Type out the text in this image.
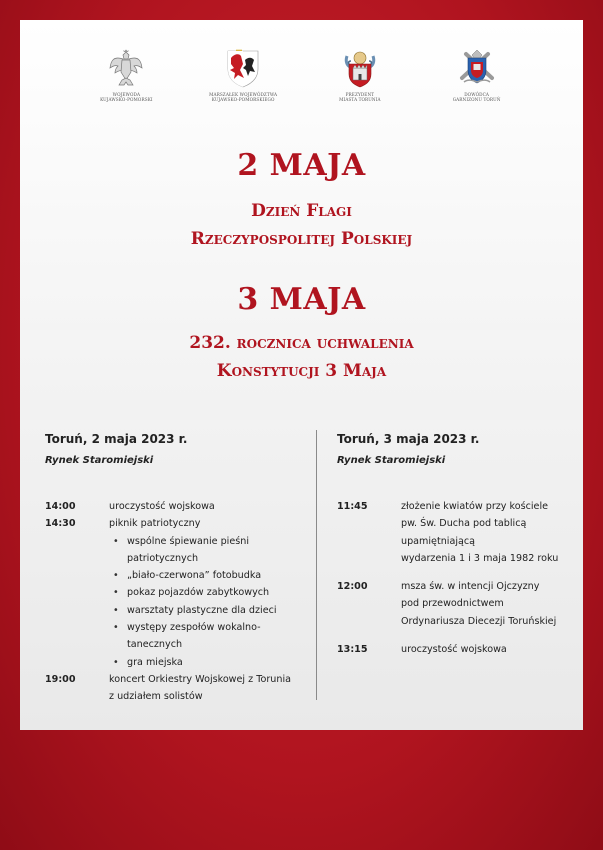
WOJEWODA
KUJAWSKO-POMORSKI
MARSZAŁEK WOJEWÓDZTWA
KUJAWSKO-POMORSKIEGO
PREZYDENT
MIASTA TORUNIA
DOWÓDCA
GARNIZONU TORUŃ
2 MAJA
Dzień Flagi
Rzeczypospolitej Polskiej
3 MAJA
232. rocznica uchwalenia
Konstytucji 3 Maja
Toruń, 2 maja 2023 r.
Rynek Staromiejski
14:00	uroczystość wojskowa
14:30	piknik patriotyczny
• wspólne śpiewanie pieśni patriotycznych
• „biało-czerwona” fotobudka
• pokaz pojazdów zabytkowych
• warsztaty plastyczne dla dzieci
• występy zespołów wokalno-tanecznych
• gra miejska
19:00	koncert Orkiestry Wojskowej z Torunia
z udziałem solistów
Toruń, 3 maja 2023 r.
Rynek Staromiejski
11:45	złożenie kwiatów przy kościele
pw. Św. Ducha pod tablicą upamiętniającą
wydarzenia 1 i 3 maja 1982 roku
12:00	msza św. w intencji Ojczyzny
pod przewodnictwem
Ordynariusza Diecezji Toruńskiej
13:15	uroczystość wojskowa
